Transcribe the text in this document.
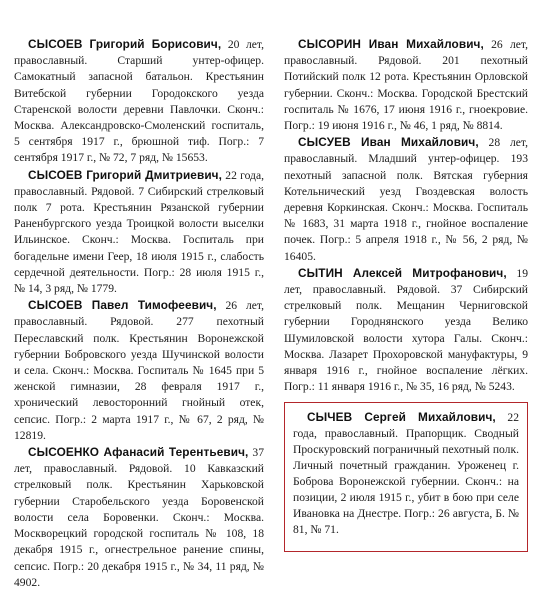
СЫСОЕВ Григорий Борисович, 20 лет, православный. Старший унтер-офицер. Самокатный запасной батальон. Крестьянин Витебской губернии Городокского уезда Старенской волости деревни Павлочки. Сконч.: Москва. Александровско-Смоленский госпиталь, 5 сентября 1917 г., брюшной тиф. Погр.: 7 сентября 1917 г., № 72, 7 ряд, № 15653.

СЫСОЕВ Григорий Дмитриевич, 22 года, православный. Рядовой. 7 Сибирский стрелковый полк 7 рота. Крестьянин Рязанской губернии Раненбургского уезда Троицкой волости выселки Ильинское. Сконч.: Москва. Госпиталь при богадельне имени Геер, 18 июля 1915 г., слабость сердечной деятельности. Погр.: 28 июля 1915 г., № 14, 3 ряд, № 1779.

СЫСОЕВ Павел Тимофеевич, 26 лет, православный. Рядовой. 277 пехотный Переславский полк. Крестьянин Воронежской губернии Бобровского уезда Шучинской волости и села. Сконч.: Москва. Госпиталь № 1645 при 5 женской гимназии, 28 февраля 1917 г., хронический левосторонний гнойный отек, сепсис. Погр.: 2 марта 1917 г., № 67, 2 ряд, № 12819.

СЫСОЕНКО Афанасий Терентьевич, 37 лет, православный. Рядовой. 10 Кавказский стрелковый полк. Крестьянин Харьковской губернии Старобельского уезда Боровенской волости села Боровенки. Сконч.: Москва. Москворецкий городской госпиталь № 108, 18 декабря 1915 г., огнестрельное ранение спины, сепсис. Погр.: 20 декабря 1915 г., № 34, 11 ряд, № 4902.

СЫСОРИН Иван Михайлович, 26 лет, православный. Рядовой. 201 пехотный Потийский полк 12 рота. Крестьянин Орловской губернии. Сконч.: Москва. Городской Брестский госпиталь № 1676, 17 июня 1916 г., гноекровие. Погр.: 19 июня 1916 г., № 46, 1 ряд, № 8814.

СЫСУЕВ Иван Михайлович, 28 лет, православный. Младший унтер-офицер. 193 пехотный запасной полк. Вятская губерния Котельнический уезд Гвоздевская волость деревня Коркинская. Сконч.: Москва. Госпиталь № 1683, 31 марта 1918 г., гнойное воспаление почек. Погр.: 5 апреля 1918 г., № 56, 2 ряд, № 16405.

СЫТИН Алексей Митрофанович, 19 лет, православный. Рядовой. 37 Сибирский стрелковый полк. Мещанин Черниговской губернии Городнянского уезда Велико Шумиловской волости хутора Галы. Сконч.: Москва. Лазарет Прохоровской мануфактуры, 9 января 1916 г., гнойное воспаление лёгких. Погр.: 11 января 1916 г., № 35, 16 ряд, № 5243.

СЫЧЕВ Сергей Михайлович, 22 года, православный. Прапорщик. Сводный Проскуровский пограничный пехотный полк. Личный почетный гражданин. Уроженец г. Боброва Воронежской губернии. Сконч.: на позиции, 2 июля 1915 г., убит в бою при селе Ивановка на Днестре. Погр.: 26 августа, Б. № 81, № 71.
